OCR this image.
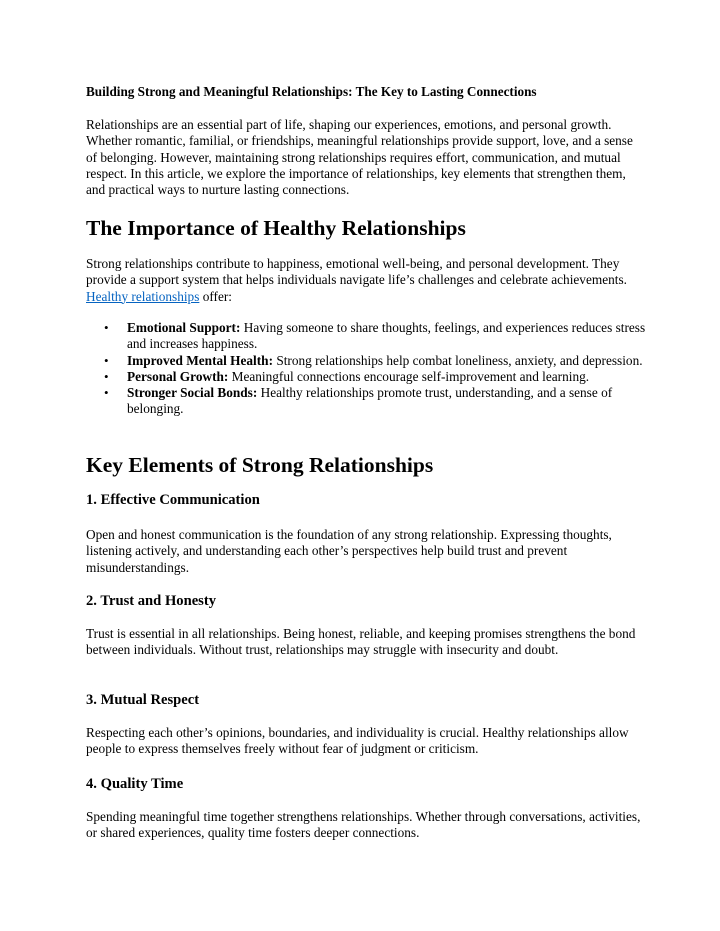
Building Strong and Meaningful Relationships: The Key to Lasting Connections

Relationships are an essential part of life, shaping our experiences, emotions, and personal growth. Whether romantic, familial, or friendships, meaningful relationships provide support, love, and a sense of belonging. However, maintaining strong relationships requires effort, communication, and mutual respect. In this article, we explore the importance of relationships, key elements that strengthen them, and practical ways to nurture lasting connections.

The Importance of Healthy Relationships

Strong relationships contribute to happiness, emotional well-being, and personal development. They provide a support system that helps individuals navigate life’s challenges and celebrate achievements. Healthy relationships offer:

• Emotional Support: Having someone to share thoughts, feelings, and experiences reduces stress and increases happiness.
• Improved Mental Health: Strong relationships help combat loneliness, anxiety, and depression.
• Personal Growth: Meaningful connections encourage self-improvement and learning.
• Stronger Social Bonds: Healthy relationships promote trust, understanding, and a sense of belonging.
Key Elements of Strong Relationships
1. Effective Communication

Open and honest communication is the foundation of any strong relationship. Expressing thoughts, listening actively, and understanding each other’s perspectives help build trust and prevent misunderstandings.

2. Trust and Honesty

Trust is essential in all relationships. Being honest, reliable, and keeping promises strengthens the bond between individuals. Without trust, relationships may struggle with insecurity and doubt.

3. Mutual Respect

Respecting each other’s opinions, boundaries, and individuality is crucial. Healthy relationships allow people to express themselves freely without fear of judgment or criticism.

4. Quality Time

Spending meaningful time together strengthens relationships. Whether through conversations, activities, or shared experiences, quality time fosters deeper connections.
